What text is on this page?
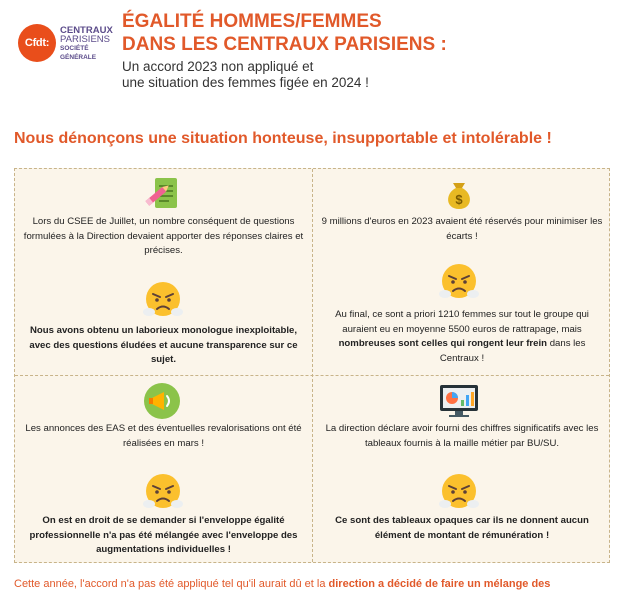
Cfdt:
CENTRAUX
PARISIENS
SOCIÉTÉ GÉNÉRALE
ÉGALITÉ HOMMES/FEMMES
DANS LES CENTRAUX PARISIENS :
Un accord 2023 non appliqué et
une situation des femmes figée en 2024 !
Nous dénonçons une situation honteuse, insupportable et intolérable !
Lors du CSEE de Juillet, un nombre conséquent de questions formulées à la Direction devaient apporter des réponses claires et précises.
Nous avons obtenu un laborieux monologue inexploitable, avec des questions éludées et aucune transparence sur ce sujet.
$
9 millions d'euros en 2023 avaient été réservés pour minimiser les écarts !
Au final, ce sont a priori 1210 femmes sur tout le groupe qui auraient eu en moyenne 5500 euros de rattrapage, mais nombreuses sont celles qui rongent leur frein dans les Centraux !
Les annonces des EAS et des éventuelles revalorisations ont été réalisées en mars !
On est en droit de se demander si l'enveloppe égalité professionnelle n'a pas été mélangée avec l'enveloppe des augmentations individuelles !
La direction déclare avoir fourni des chiffres significatifs avec les tableaux fournis à la maille métier par BU/SU.
Ce sont des tableaux opaques car ils ne donnent aucun élément de montant de rémunération !
Cette année, l'accord n'a pas été appliqué tel qu'il aurait dû et la direction a décidé de faire un mélange des
